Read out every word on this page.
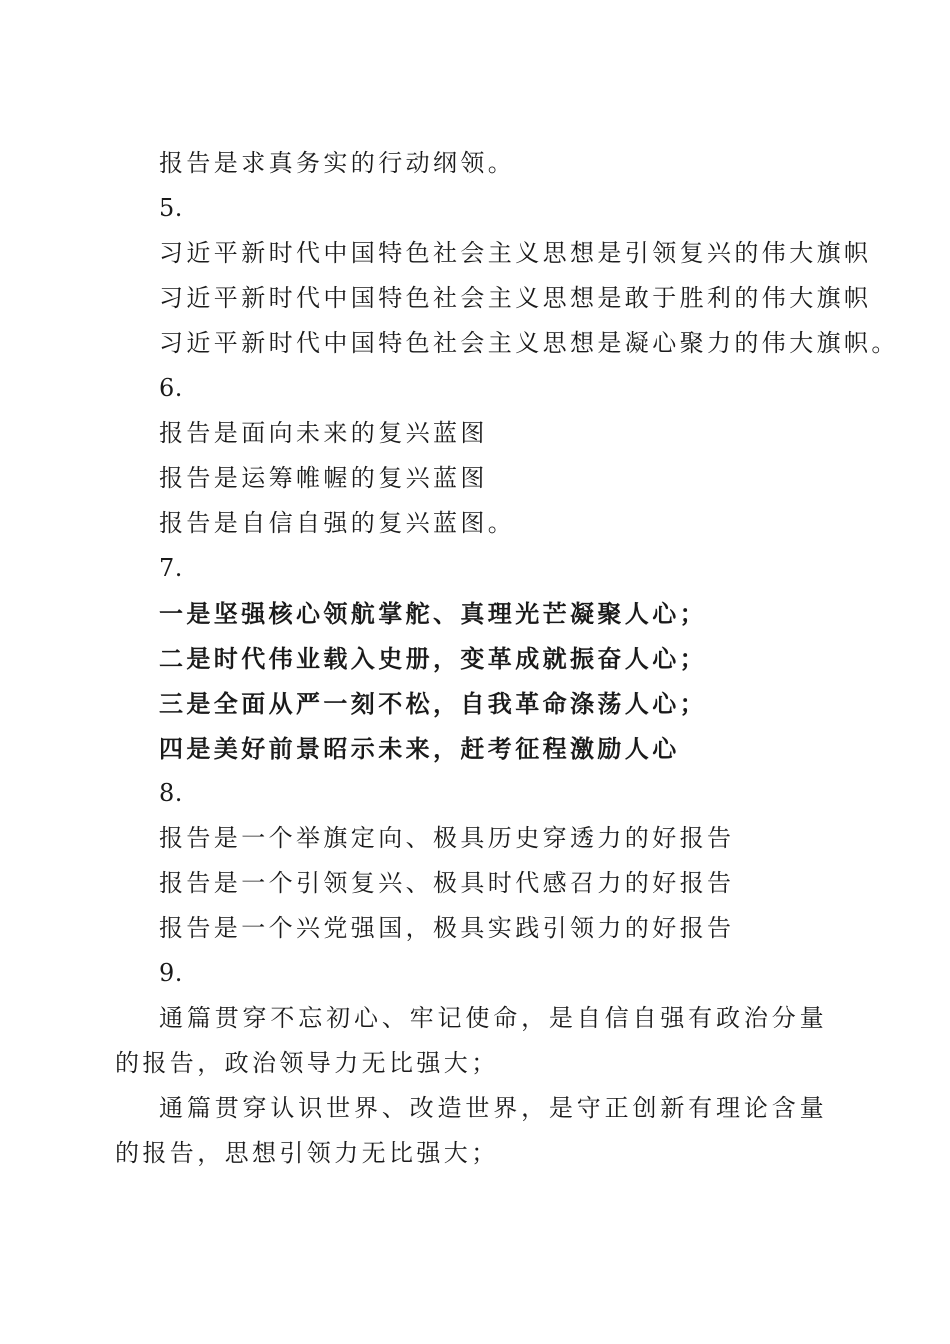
报告是求真务实的行动纲领。
5.
习近平新时代中国特色社会主义思想是引领复兴的伟大旗帜
习近平新时代中国特色社会主义思想是敢于胜利的伟大旗帜
习近平新时代中国特色社会主义思想是凝心聚力的伟大旗帜。
6.
报告是面向未来的复兴蓝图
报告是运筹帷幄的复兴蓝图
报告是自信自强的复兴蓝图。
7.
一是坚强核心领航掌舵、真理光芒凝聚人心；
二是时代伟业载入史册，变革成就振奋人心；
三是全面从严一刻不松，自我革命涤荡人心；
四是美好前景昭示未来，赶考征程激励人心
8.
报告是一个举旗定向、极具历史穿透力的好报告
报告是一个引领复兴、极具时代感召力的好报告
报告是一个兴党强国，极具实践引领力的好报告
9.
通篇贯穿不忘初心、牢记使命，是自信自强有政治分量的报告，政治领导力无比强大；
通篇贯穿认识世界、改造世界，是守正创新有理论含量的报告，思想引领力无比强大；
